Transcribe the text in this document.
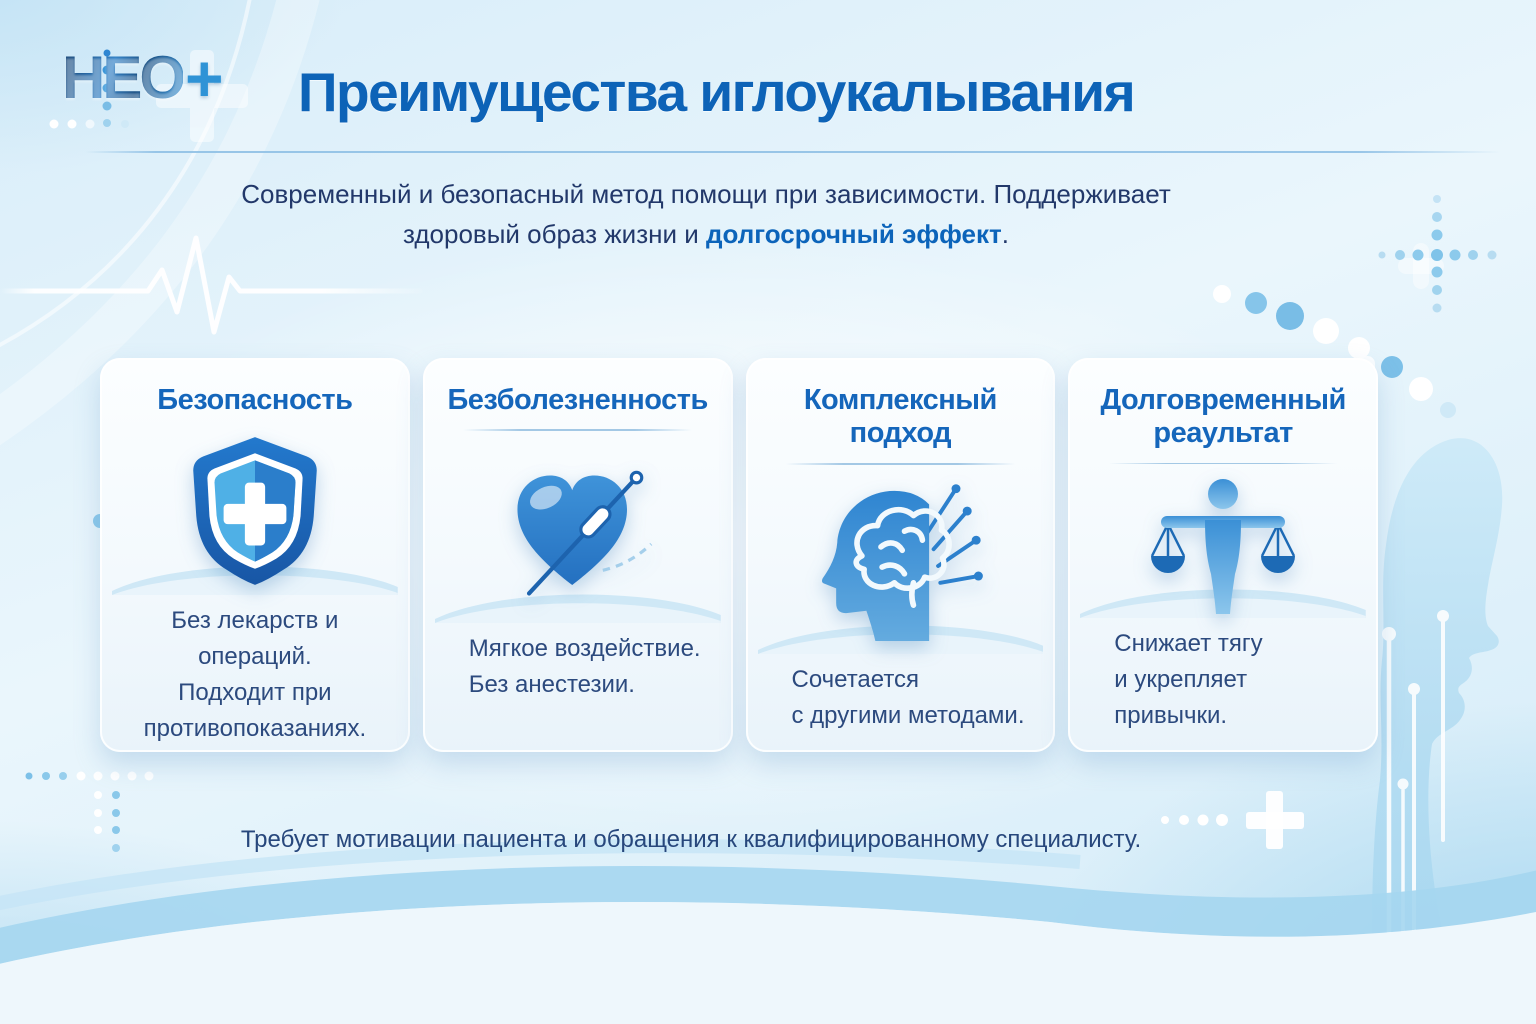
НЕО + Преимущества иглоукалывания

Современный и безопасный метод помощи при зависимости. Поддерживает
здоровый образ жизни и долгосрочный эффект.

Безопасность

Без лекарств и операций.
Подходит при противопоказаниях.

Безболезненность

Мягкое воздействие.
Без анестезии.

Комплексный подход

Сочетается
с другими методами.

Долговременный реаультат

Снижает тягу
и укрепляет привычки.

Требует мотивации пациента и обращения к квалифицированному специалисту.
